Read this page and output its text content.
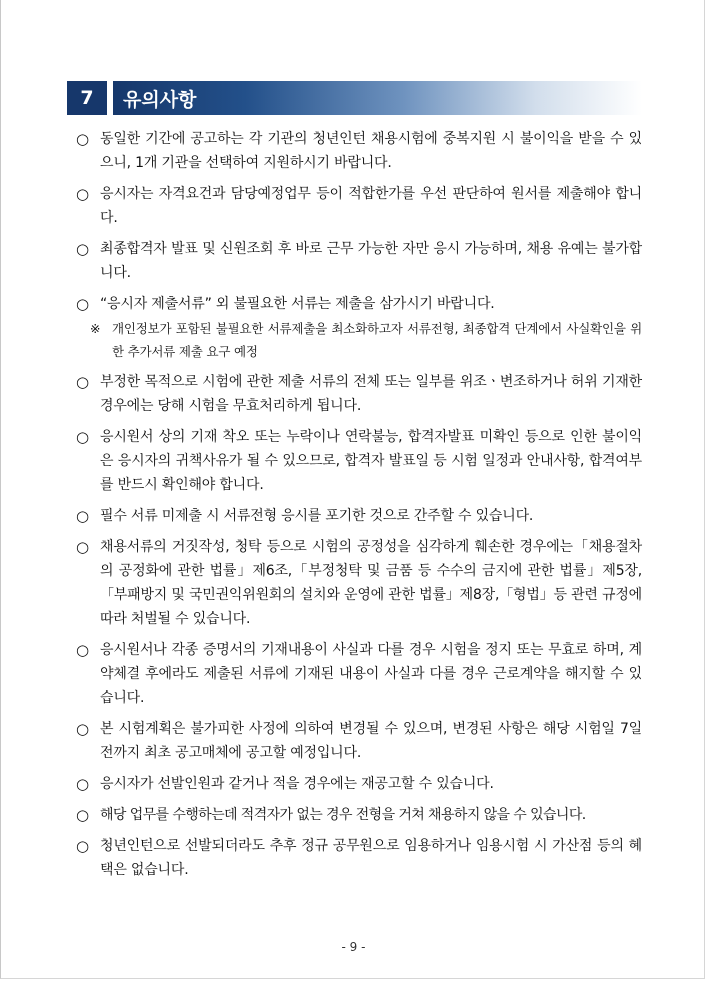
7	유의사항
○ 동일한 기간에 공고하는 각 기관의 청년인턴 채용시험에 중복지원 시 불이익을 받을 수 있으니, 1개 기관을 선택하여 지원하시기 바랍니다.
○ 응시자는 자격요건과 담당예정업무 등이 적합한가를 우선 판단하여 원서를 제출해야 합니다.
○ 최종합격자 발표 및 신원조회 후 바로 근무 가능한 자만 응시 가능하며, 채용 유예는 불가합니다.
○ “응시자 제출서류” 외 불필요한 서류는 제출을 삼가시기 바랍니다.
※ 개인정보가 포함된 불필요한 서류제출을 최소화하고자 서류전형, 최종합격 단계에서 사실확인을 위한 추가서류 제출 요구 예정
○ 부정한 목적으로 시험에 관한 제출 서류의 전체 또는 일부를 위조ㆍ변조하거나 허위 기재한 경우에는 당해 시험을 무효처리하게 됩니다.
○ 응시원서 상의 기재 착오 또는 누락이나 연락불능, 합격자발표 미확인 등으로 인한 불이익은 응시자의 귀책사유가 될 수 있으므로, 합격자 발표일 등 시험 일정과 안내사항, 합격여부를 반드시 확인해야 합니다.
○ 필수 서류 미제출 시 서류전형 응시를 포기한 것으로 간주할 수 있습니다.
○ 채용서류의 거짓작성, 청탁 등으로 시험의 공정성을 심각하게 훼손한 경우에는「채용절차의 공정화에 관한 법률」제6조,「부정청탁 및 금품 등 수수의 금지에 관한 법률」제5장,「부패방지 및 국민권익위원회의 설치와 운영에 관한 법률」제8장,「형법」등 관련 규정에 따라 처벌될 수 있습니다.
○ 응시원서나 각종 증명서의 기재내용이 사실과 다를 경우 시험을 정지 또는 무효로 하며, 계약체결 후에라도 제출된 서류에 기재된 내용이 사실과 다를 경우 근로계약을 해지할 수 있습니다.
○ 본 시험계획은 불가피한 사정에 의하여 변경될 수 있으며, 변경된 사항은 해당 시험일 7일 전까지 최초 공고매체에 공고할 예정입니다.
○ 응시자가 선발인원과 같거나 적을 경우에는 재공고할 수 있습니다.
○ 해당 업무를 수행하는데 적격자가 없는 경우 전형을 거쳐 채용하지 않을 수 있습니다.
○ 청년인턴으로 선발되더라도 추후 정규 공무원으로 임용하거나 임용시험 시 가산점 등의 혜택은 없습니다.
- 9 -
